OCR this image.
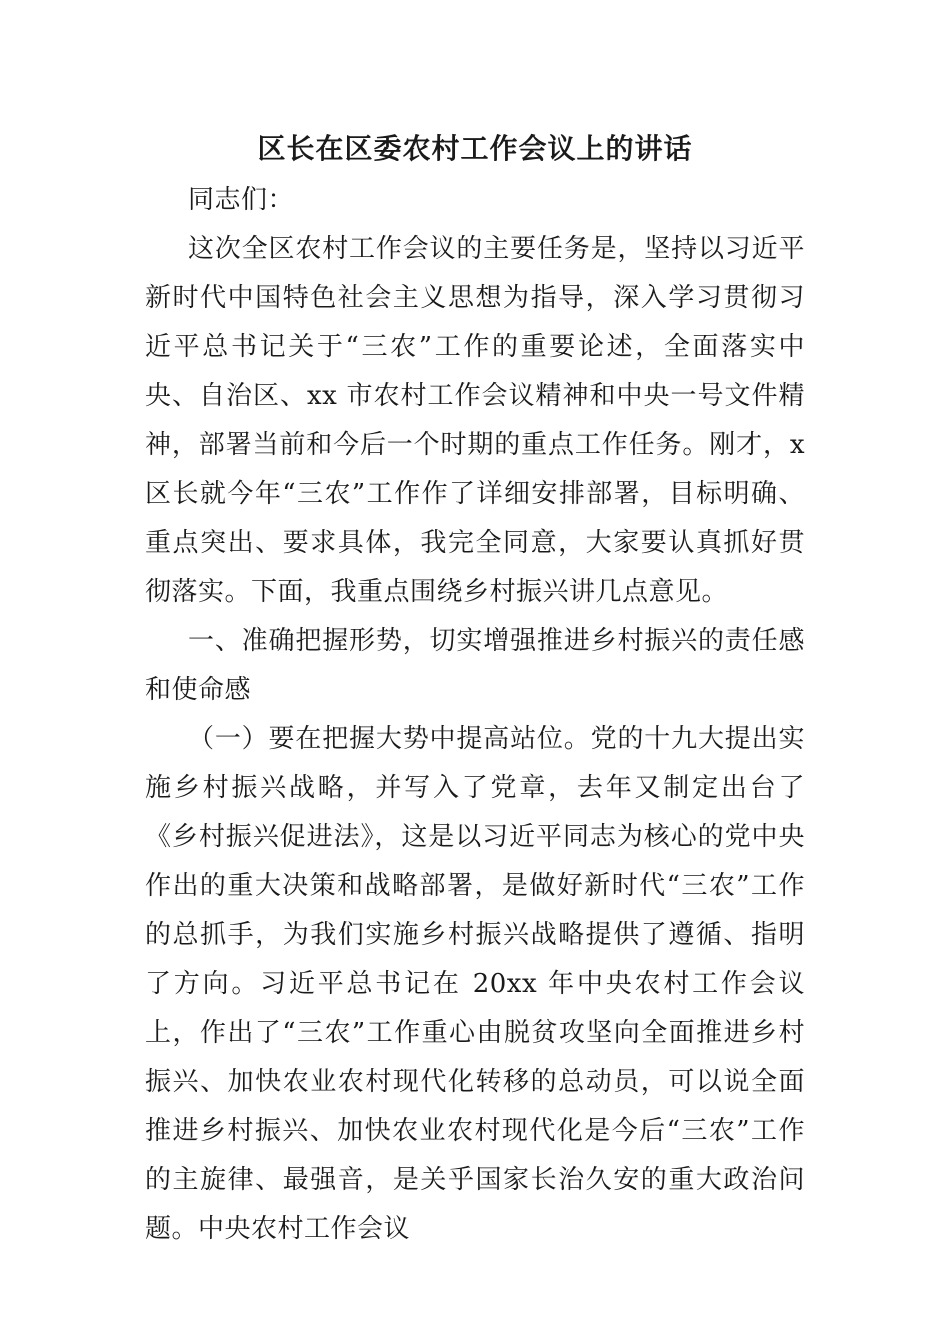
区长在区委农村工作会议上的讲话

同志们：

这次全区农村工作会议的主要任务是，坚持以习近平新时代中国特色社会主义思想为指导，深入学习贯彻习近平总书记关于“三农”工作的重要论述，全面落实中央、自治区、xx 市农村工作会议精神和中央一号文件精神，部署当前和今后一个时期的重点工作任务。刚才，x 区长就今年“三农”工作作了详细安排部署，目标明确、重点突出、要求具体，我完全同意，大家要认真抓好贯彻落实。下面，我重点围绕乡村振兴讲几点意见。

一、准确把握形势，切实增强推进乡村振兴的责任感和使命感

（一）要在把握大势中提高站位。党的十九大提出实施乡村振兴战略，并写入了党章，去年又制定出台了《乡村振兴促进法》，这是以习近平同志为核心的党中央作出的重大决策和战略部署，是做好新时代“三农”工作的总抓手，为我们实施乡村振兴战略提供了遵循、指明了方向。习近平总书记在 20xx 年中央农村工作会议上，作出了“三农”工作重心由脱贫攻坚向全面推进乡村振兴、加快农业农村现代化转移的总动员，可以说全面推进乡村振兴、加快农业农村现代化是今后“三农”工作的主旋律、最强音，是关乎国家长治久安的重大政治问题。中央农村工作会议
